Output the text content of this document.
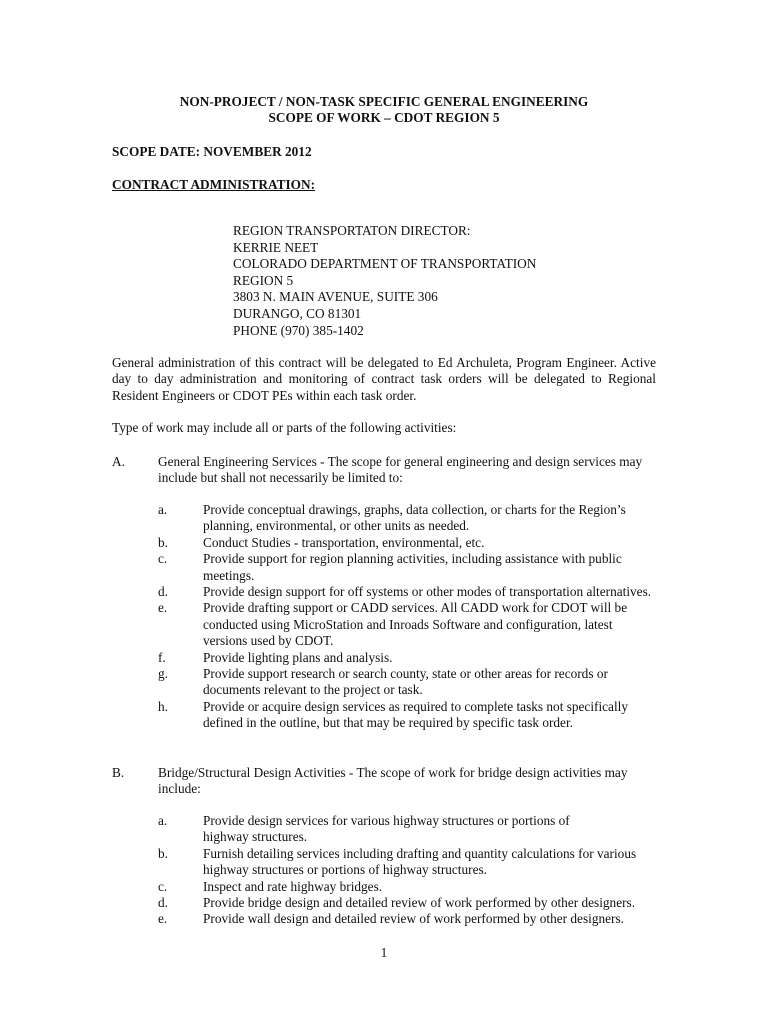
NON-PROJECT / NON-TASK SPECIFIC GENERAL ENGINEERING
SCOPE OF WORK – CDOT REGION 5
SCOPE DATE: NOVEMBER 2012
CONTRACT ADMINISTRATION:
REGION TRANSPORTATON DIRECTOR:
KERRIE NEET
COLORADO DEPARTMENT OF TRANSPORTATION
REGION 5
3803 N. MAIN AVENUE, SUITE 306
DURANGO, CO 81301
PHONE (970) 385-1402
General administration of this contract will be delegated to Ed Archuleta, Program Engineer. Active day to day administration and monitoring of contract task orders will be delegated to Regional Resident Engineers or CDOT PEs within each task order.
Type of work may include all or parts of the following activities:
A. General Engineering Services - The scope for general engineering and design services may include but shall not necessarily be limited to:
a.	Provide conceptual drawings, graphs, data collection, or charts for the Region’s planning, environmental, or other units as needed.
b.	Conduct Studies - transportation, environmental, etc.
c.	Provide support for region planning activities, including assistance with public meetings.
d.	Provide design support for off systems or other modes of transportation alternatives.
e.	Provide drafting support or CADD services. All CADD work for CDOT will be conducted using MicroStation and Inroads Software and configuration, latest versions used by CDOT.
f.	Provide lighting plans and analysis.
g.	Provide support research or search county, state or other areas for records or documents relevant to the project or task.
h.	Provide or acquire design services as required to complete tasks not specifically defined in the outline, but that may be required by specific task order.
B.	Bridge/Structural Design Activities - The scope of work for bridge design activities may include:
a.	Provide design services for various highway structures or portions of highway structures.
b.	Furnish detailing services including drafting and quantity calculations for various highway structures or portions of highway structures.
c.	Inspect and rate highway bridges.
d.	Provide bridge design and detailed review of work performed by other designers.
e.	Provide wall design and detailed review of work performed by other designers.
1
